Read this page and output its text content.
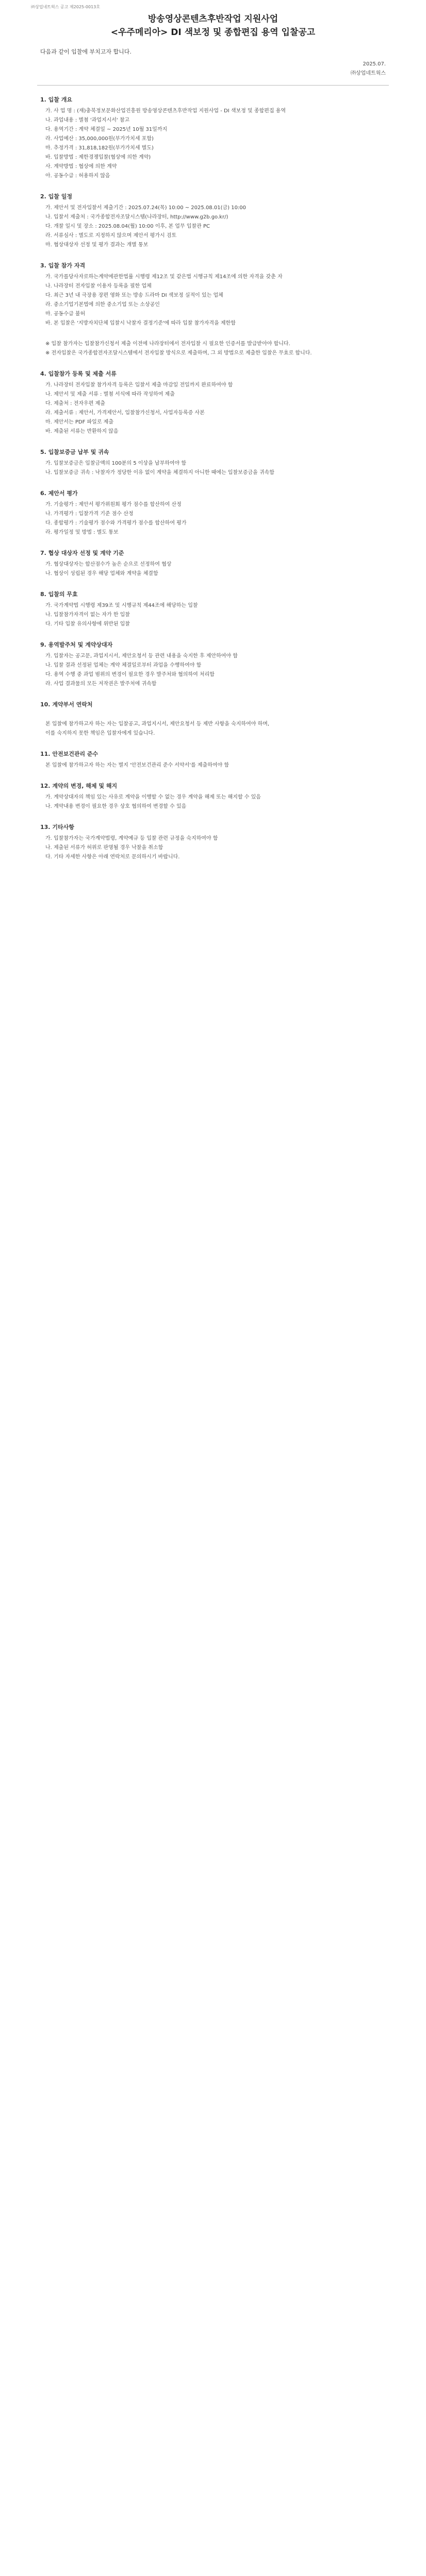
㈜상업네트웍스 공고 제2025-0013호
방송영상콘텐츠후반작업 지원사업
<우주메리아> DI 색보정 및 종합편집 용역 입찰공고
다음과 같이 입찰에 부치고자 합니다.
2025.07.
㈜상업네트웍스
1. 입찰 개요
가. 사 업 명 : (재)충북정보문화산업진흥원 방송영상콘텐츠후반작업 지원사업 - DI 색보정 및 종합편집 용역
나. 과업내용 : 별첨 '과업지시서' 참고
다. 용역기간 : 계약 체결일 ~ 2025년 10월 31일까지
라. 사업예산 : 35,000,000원(부가가치세 포함)
마. 추정가격 : 31,818,182원(부가가치세 별도)
바. 입찰방법 : 제한경쟁입찰(협상에 의한 계약)
사. 계약방법 : 협상에 의한 계약
아. 공동수급 : 허용하지 않음
2. 입찰 일정
가. 제안서 및 전자입찰서 제출기간 : 2025.07.24(목) 10:00 ~ 2025.08.01(금) 10:00
나. 입찰서 제출처 : 국가종합전자조달시스템(나라장터, http://www.g2b.go.kr/)
다. 개찰 일시 및 장소 : 2025.08.04(월) 10:00 이후, 본 업무 입찰관 PC
라. 서류심사 : 별도로 지정하지 않으며 제안서 평가시 검토
마. 협상대상자 선정 및 평가 결과는 개별 통보
3. 입찰 참가 자격
가. 국가를당사자로하는계약에관한법률 시행령 제12조 및 같은법 시행규칙 제14조에 의한 자격을 갖춘 자
나. 나라장터 전자입찰 이용자 등록을 필한 업체
다. 최근 3년 내 극장용 장편 영화 또는 방송 드라마 DI 색보정 실적이 있는 업체
라. 중소기업기본법에 의한 중소기업 또는 소상공인
마. 공동수급 불허
바. 본 입찰은 '지방자치단체 입찰시 낙찰자 결정기준'에 따라 입찰 참가자격을 제한함
※ 입찰 참가자는 입찰참가신청서 제출 이전에 나라장터에서 전자입찰 시 필요한 인증서를 발급받아야 합니다.
※ 전자입찰은 국가종합전자조달시스템에서 전자입찰 방식으로 제출하며, 그 외 방법으로 제출한 입찰은 무효로 합니다.
4. 입찰참가 등록 및 제출 서류
가. 나라장터 전자입찰 참가자격 등록은 입찰서 제출 마감일 전일까지 완료하여야 함
나. 제안서 및 제출 서류 : 별첨 서식에 따라 작성하여 제출
다. 제출처 : 전자우편 제출
라. 제출서류 : 제안서, 가격제안서, 입찰참가신청서, 사업자등록증 사본
마. 제안서는 PDF 파일로 제출
바. 제출된 서류는 반환하지 않음
5. 입찰보증금 납부 및 귀속
가. 입찰보증금은 입찰금액의 100분의 5 이상을 납부하여야 함
나. 입찰보증금 귀속 : 낙찰자가 정당한 이유 없이 계약을 체결하지 아니한 때에는 입찰보증금을 귀속함
6. 제안서 평가
가. 기술평가 : 제안서 평가위원회 평가 점수를 합산하여 산정
나. 가격평가 : 입찰가격 기준 점수 산정
다. 종합평가 : 기술평가 점수와 가격평가 점수를 합산하여 평가
라. 평가일정 및 방법 : 별도 통보
7. 협상 대상자 선정 및 계약 기준
가. 협상대상자는 합산점수가 높은 순으로 선정하여 협상
나. 협상이 성립된 경우 해당 업체와 계약을 체결함
8. 입찰의 무효
가. 국가계약법 시행령 제39조 및 시행규칙 제44조에 해당하는 입찰
나. 입찰참가자격이 없는 자가 한 입찰
다. 기타 입찰 유의사항에 위반된 입찰
9. 용역발주처 및 계약상대자
가. 입찰자는 공고문, 과업지시서, 제안요청서 등 관련 내용을 숙지한 후 제안하여야 함
나. 입찰 결과 선정된 업체는 계약 체결일로부터 과업을 수행하여야 함
다. 용역 수행 중 과업 범위의 변경이 필요한 경우 발주처와 협의하여 처리함
라. 사업 결과물의 모든 저작권은 발주처에 귀속함
10. 계약부서 연락처
본 입찰에 참가하고자 하는 자는 입찰공고, 과업지시서, 제안요청서 등 제반 사항을 숙지하여야 하며,
이를 숙지하지 못한 책임은 입찰자에게 있습니다.
11. 안전보건관리 준수
본 입찰에 참가하고자 하는 자는 별지 '안전보건관리 준수 서약서'를 제출하여야 함
12. 계약의 변경, 해제 및 해지
가. 계약상대자의 책임 있는 사유로 계약을 이행할 수 없는 경우 계약을 해제 또는 해지할 수 있음
나. 계약내용 변경이 필요한 경우 상호 협의하여 변경할 수 있음
13. 기타사항
가. 입찰참가자는 국가계약법령, 계약예규 등 입찰 관련 규정을 숙지하여야 함
나. 제출된 서류가 허위로 판명될 경우 낙찰을 취소함
다. 기타 자세한 사항은 아래 연락처로 문의하시기 바랍니다.
